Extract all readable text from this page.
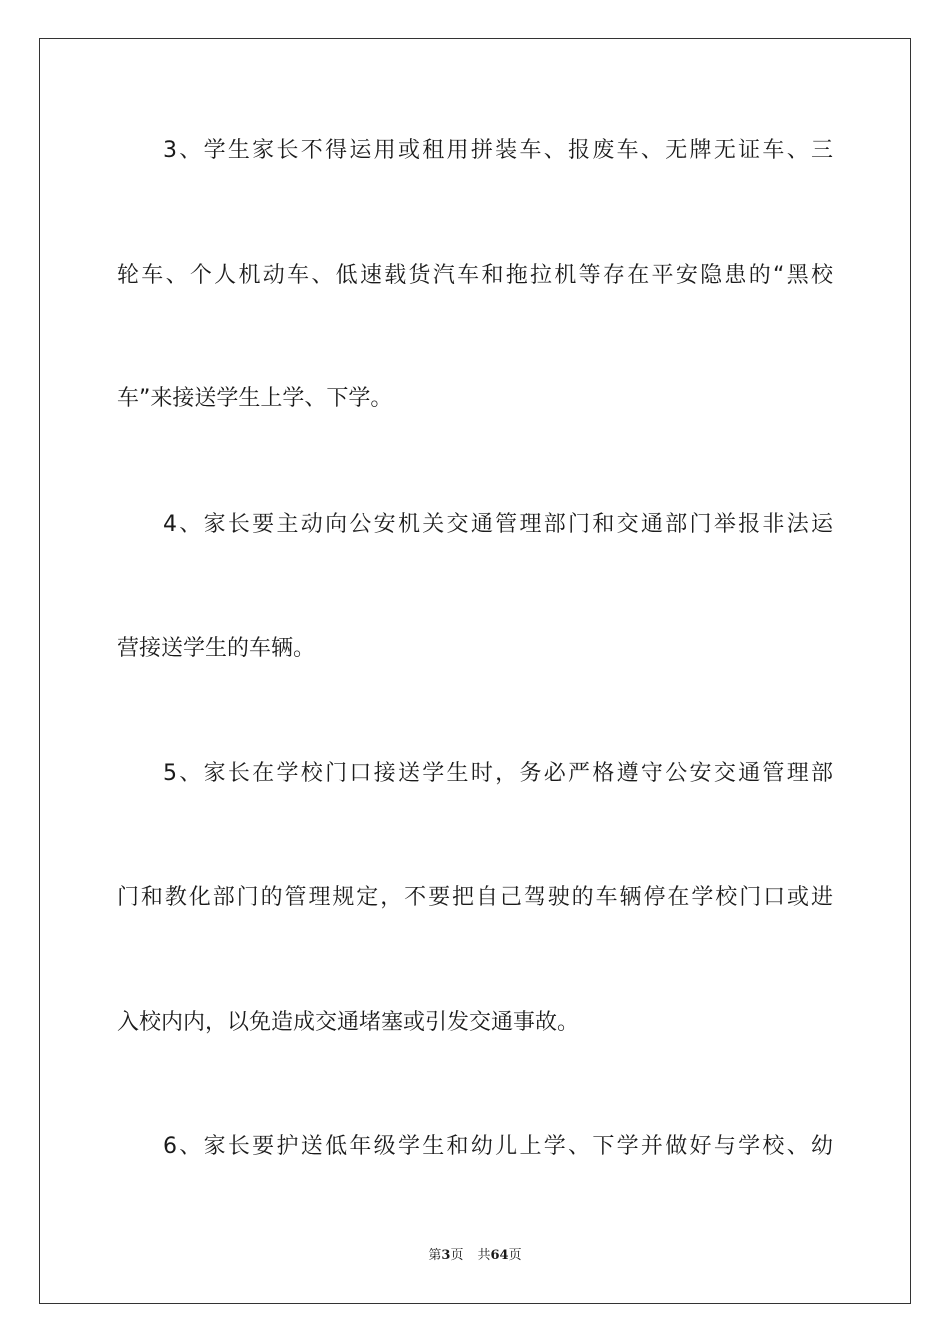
3、学生家长不得运用或租用拼装车、报废车、无牌无证车、三
轮车、个人机动车、低速载货汽车和拖拉机等存在平安隐患的“黑校
车”来接送学生上学、下学。
4、家长要主动向公安机关交通管理部门和交通部门举报非法运
营接送学生的车辆。
5、家长在学校门口接送学生时，务必严格遵守公安交通管理部
门和教化部门的管理规定，不要把自己驾驶的车辆停在学校门口或进
入校内内，以免造成交通堵塞或引发交通事故。
6、家长要护送低年级学生和幼儿上学、下学并做好与学校、幼
第3页 共64页
